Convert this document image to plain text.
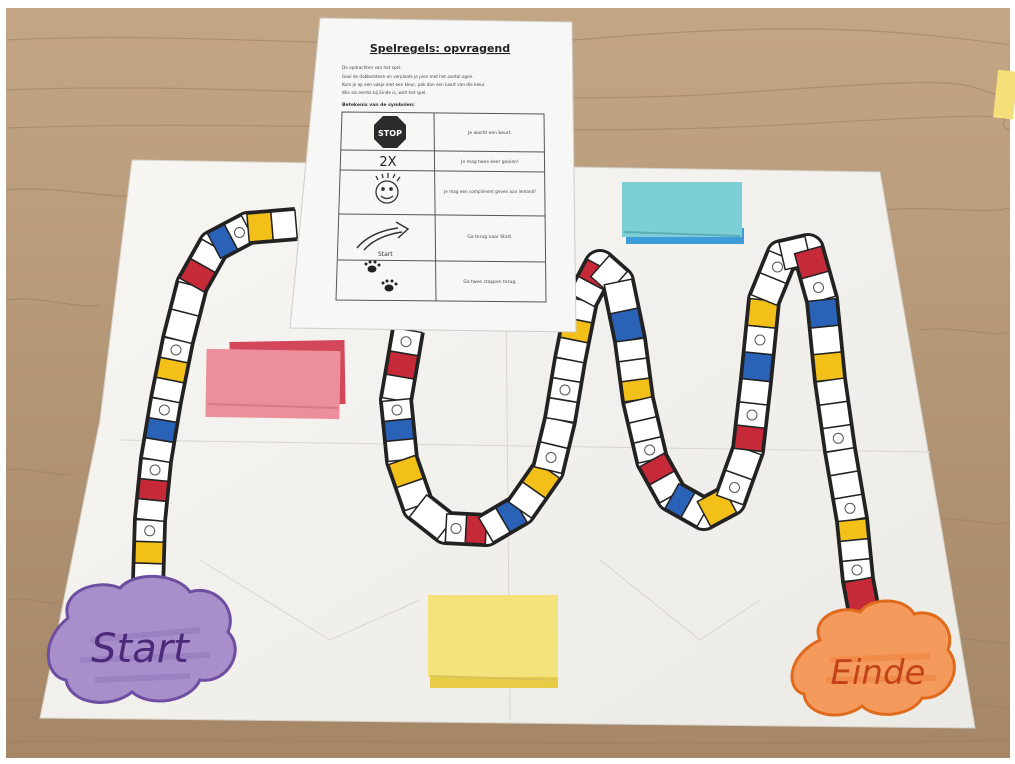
Start
Einde
Spelregels: opvragend
De opdrachten van het spel:
Gooi de dobbelsteen en verplaats je pion met het aantal ogen.
Kom je op een vakje met een kleur, pak dan een kaart van die kleur.
Wie als eerste bij Einde is, wint het spel.
Betekenis van de symbolen:
STOP	Je wacht een beurt.
2X	Je mag twee keer gooien!
Je mag een compliment geven aan iemand!
Start
Ga terug naar Start.
Ga twee stappen terug.
